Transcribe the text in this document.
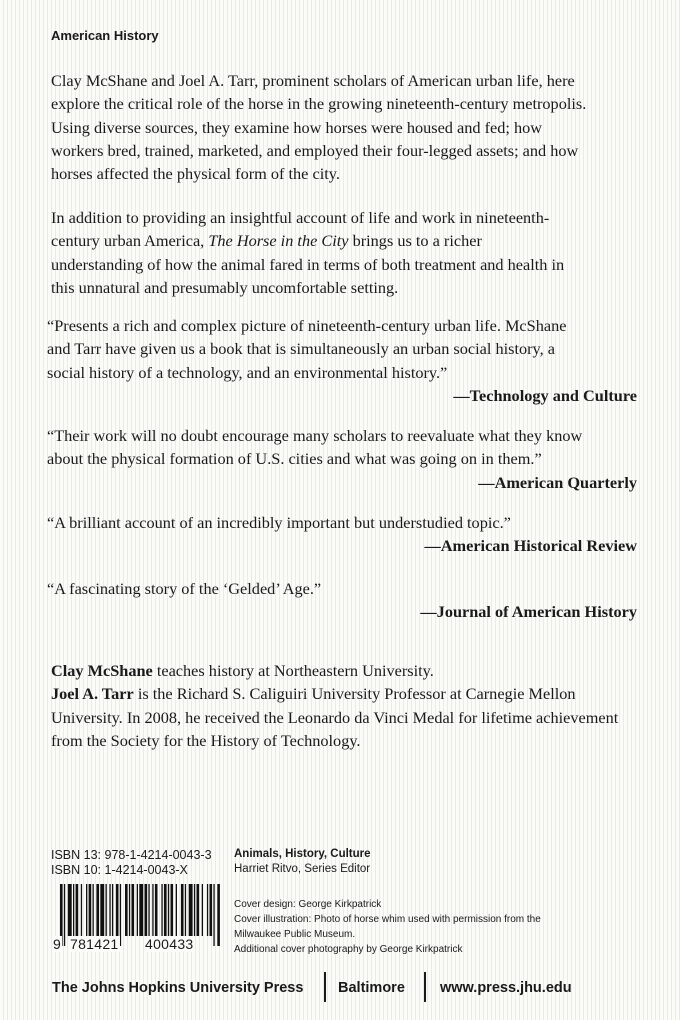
American History
Clay McShane and Joel A. Tarr, prominent scholars of American urban life, here
explore the critical role of the horse in the growing nineteenth-century metropolis.
Using diverse sources, they examine how horses were housed and fed; how
workers bred, trained, marketed, and employed their four-legged assets; and how
horses affected the physical form of the city.
In addition to providing an insightful account of life and work in nineteenth-
century urban America, The Horse in the City brings us to a richer
understanding of how the animal fared in terms of both treatment and health in
this unnatural and presumably uncomfortable setting.
“Presents a rich and complex picture of nineteenth-century urban life. McShane
and Tarr have given us a book that is simultaneously an urban social history, a
social history of a technology, and an environmental history.”
—Technology and Culture
“Their work will no doubt encourage many scholars to reevaluate what they know
about the physical formation of U.S. cities and what was going on in them.”
—American Quarterly
“A brilliant account of an incredibly important but understudied topic.”
—American Historical Review
“A fascinating story of the ‘Gelded’ Age.”
—Journal of American History
Clay McShane teaches history at Northeastern University.
Joel A. Tarr is the Richard S. Caliguiri University Professor at Carnegie Mellon University. In 2008, he received the Leonardo da Vinci Medal for lifetime achievement from the Society for the History of Technology.
ISBN 13: 978-1-4214-0043-3
ISBN 10: 1-4214-0043-X
9 781421 400433
Animals, History, Culture
Harriet Ritvo, Series Editor
Cover design: George Kirkpatrick
Cover illustration: Photo of horse whim used with permission from the
Milwaukee Public Museum.
Additional cover photography by George Kirkpatrick
The Johns Hopkins University Press Baltimore www.press.jhu.edu
